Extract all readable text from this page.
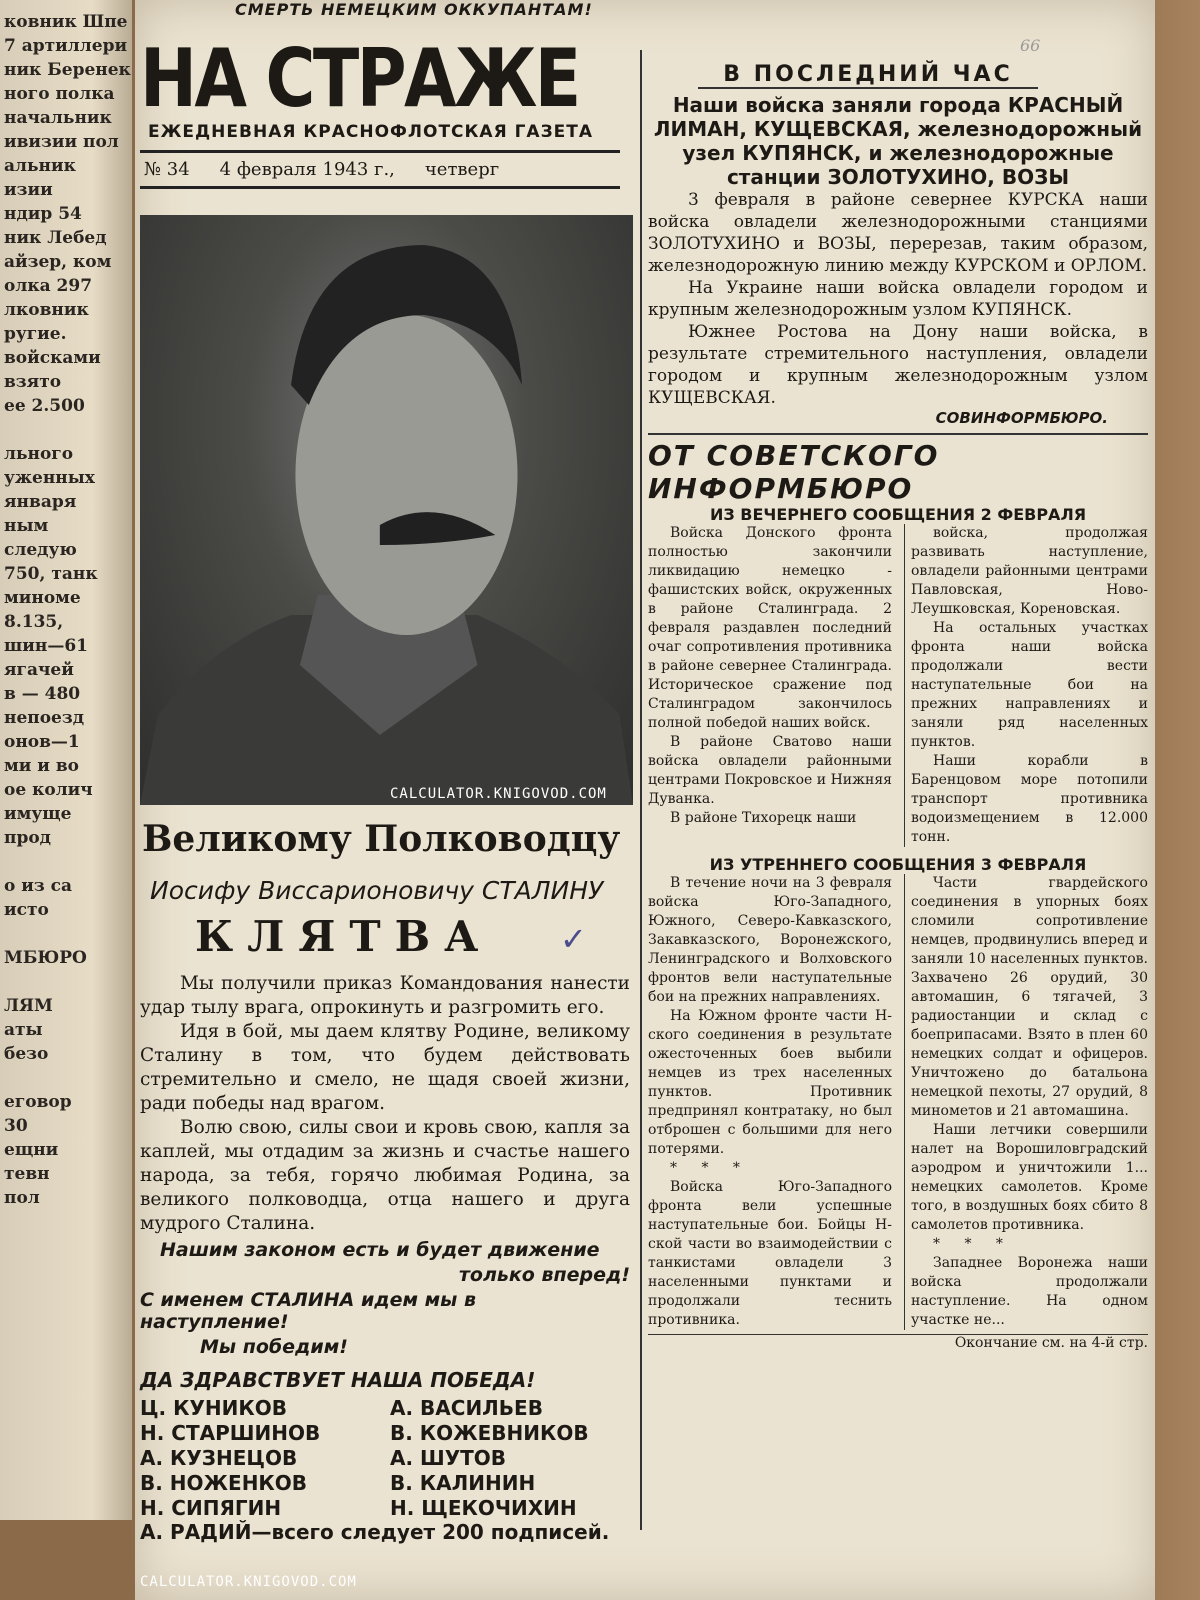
ковник Шпе
7 артиллери
ник Беренек
ного полка
начальник
ивизии пол
альник
изии
ндир 54
ник Лебед
айзер, ком
олка 297
лковник
ругие.
войсками
взято
ее 2.500

льного
уженных
января
ным
следую
750, танк
миноме
8.135,
шин—61
ягачей
в — 480
непоезд
онов—1
ми и во
ое колич
имуще
прод

о из са
исто

МБЮРО

ЛЯМ
аты
безо

еговор
30
ещни
тевн
пол
СМЕРТЬ НЕМЕЦКИМ ОККУПАНТАМ!
НА СТРАЖЕ
ЕЖЕДНЕВНАЯ КРАСНОФЛОТСКАЯ ГАЗЕТА
№ 34 4 февраля 1943 г., четверг
66
Великому Полководцу
Иосифу Виссарионовичу СТАЛИНУ
КЛЯТВА ✓

Мы получили приказ Командования нанести удар тылу врага, опрокинуть и разгромить его.

Идя в бой, мы даем клятву Родине, великому Сталину в том, что будем действовать стремительно и смело, не щадя своей жизни, ради победы над врагом.

Волю свою, силы свои и кровь свою, капля за каплей, мы отдадим за жизнь и счастье нашего народа, за тебя, горячо любимая Родина, за великого полководца, отца нашего и друга мудрого Сталина.

Нашим законом есть и будет движение
только вперед!
С именем СТАЛИНА идем мы в наступление!
Мы победим!
ДА ЗДРАВСТВУЕТ НАША ПОБЕДА!
Ц. КУНИКОВ	А. ВАСИЛЬЕВ
Н. СТАРШИНОВ	В. КОЖЕВНИКОВ
А. КУЗНЕЦОВ	А. ШУТОВ
В. НОЖЕНКОВ	В. КАЛИНИН
Н. СИПЯГИН	Н. ЩЕКОЧИХИН
А. РАДИЙ—всего следует 200 подписей.
В ПОСЛЕДНИЙ ЧАС
Наши войска заняли города КРАСНЫЙ ЛИМАН, КУЩЕВСКАЯ, железнодорожный узел КУПЯНСК, и железнодорожные станции ЗОЛОТУХИНО, ВОЗЫ

3 февраля в районе севернее КУРСКА наши войска овладели железнодорожными станциями ЗОЛОТУХИНО и ВОЗЫ, перерезав, таким образом, железнодорожную линию между КУРСКОМ и ОРЛОМ.

На Украине наши войска овладели городом и крупным железнодорожным узлом КУПЯНСК.

Южнее Ростова на Дону наши войска, в результате стремительного наступления, овладели городом и крупным железнодорожным узлом КУЩЕВСКАЯ.

СОВИНФОРМБЮРО.
ОТ СОВЕТСКОГО ИНФОРМБЮРО
ИЗ ВЕЧЕРНЕГО СООБЩЕНИЯ 2 ФЕВРАЛЯ

Войска Донского фронта полностью закончили ликвидацию немецко - фашистских войск, окруженных в районе Сталинграда. 2 февраля раздавлен последний очаг сопротивления противника в районе севернее Сталинграда. Историческое сражение под Сталинградом закончилось полной победой наших войск.

В районе Сватово наши войска овладели районными центрами Покровское и Нижняя Дуванка.

В районе Тихорецк наши

войска, продолжая развивать наступление, овладели районными центрами Павловская, Ново-Леушковская, Кореновская.

На остальных участках фронта наши войска продолжали вести наступательные бои на прежних направлениях и заняли ряд населенных пунктов.

Наши корабли в Баренцовом море потопили транспорт противника водоизмещением в 12.000 тонн.

ИЗ УТРЕННЕГО СООБЩЕНИЯ 3 ФЕВРАЛЯ

В течение ночи на 3 февраля войска Юго-Западного, Южного, Северо-Кавказского, Закавказского, Воронежского, Ленинградского и Волховского фронтов вели наступательные бои на прежних направлениях.

На Южном фронте части Н-ского соединения в результате ожесточенных боев выбили немцев из трех населенных пунктов. Противник предпринял контратаку, но был отброшен с большими для него потерями.

* * *

Войска Юго-Западного фронта вели успешные наступательные бои. Бойцы Н-ской части во взаимодействии с танкистами овладели 3 населенными пунктами и продолжали теснить противника.

Части гвардейского соединения в упорных боях сломили сопротивление немцев, продвинулись вперед и заняли 10 населенных пунктов. Захвачено 26 орудий, 30 автомашин, 6 тягачей, 3 радиостанции и склад с боеприпасами. Взято в плен 60 немецких солдат и офицеров. Уничтожено до батальона немецкой пехоты, 27 орудий, 8 минометов и 21 автомашина.

Наши летчики совершили налет на Ворошиловградский аэродром и уничтожили 1... немецких самолетов. Кроме того, в воздушных боях сбито 8 самолетов противника.

* * *

Западнее Воронежа наши войска продолжали наступление. На одном участке не...

Окончание см. на 4-й стр.
CALCULATOR.KNIGOVOD.COM
CALCULATOR.KNIGOVOD.COM
